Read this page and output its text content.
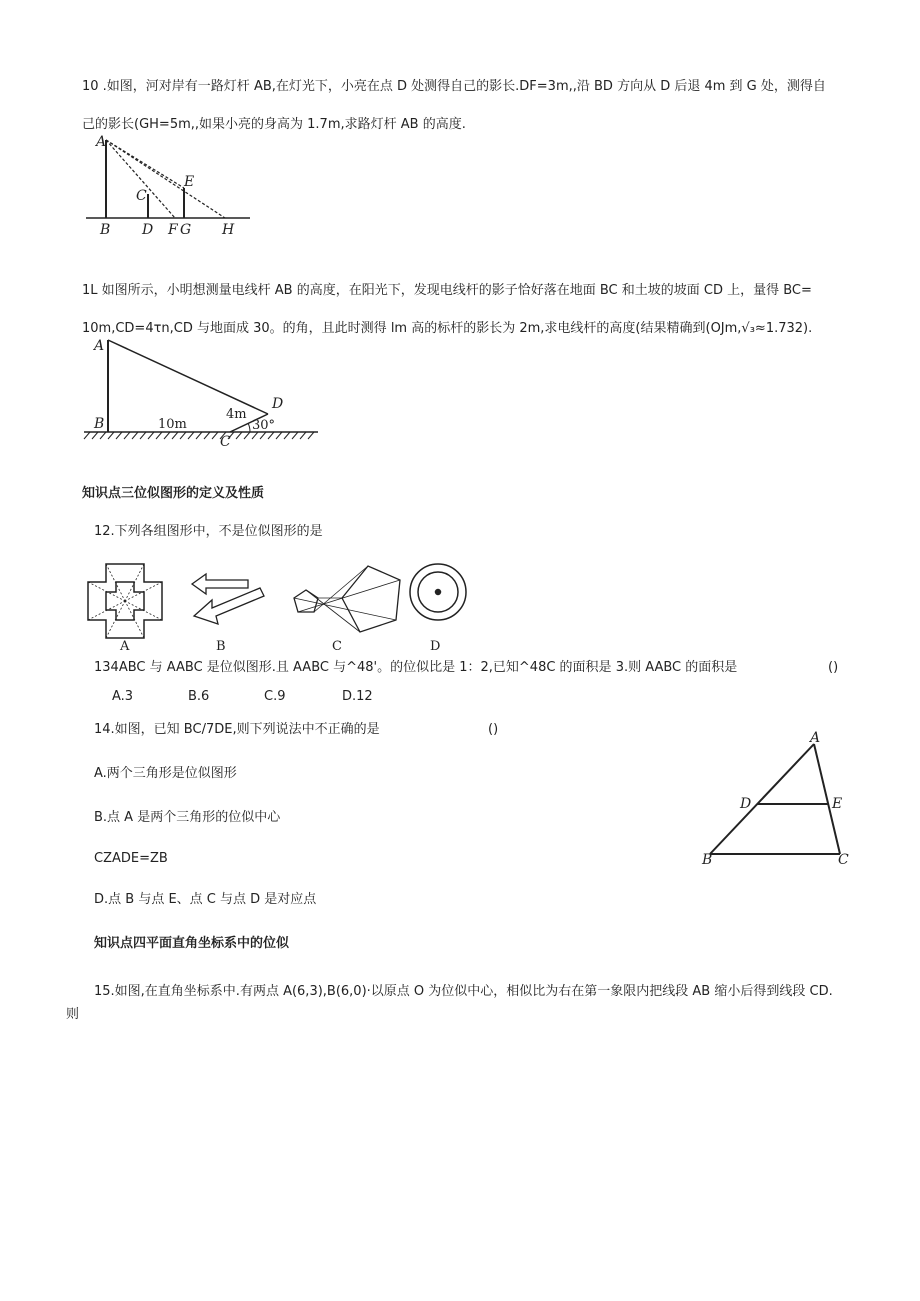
10 .如图，河对岸有一路灯杆 AB,在灯光下，小亮在点 D 处测得自己的影长.DF=3m,,沿 BD 方向从 D 后退 4m 到 G 处，测得自
己的影长(GH=5m,,如果小亮的身高为 1.7m,求路灯杆 AB 的高度.
A
B
C
D
E
F G H
1L 如图所示，小明想测量电线杆 AB 的高度，在阳光下，发现电线杆的影子恰好落在地面 BC 和土坡的坡面 CD 上，量得 BC=
10m,CD=4τn,CD 与地面成 30。的角，且此时测得 lm 高的标杆的影长为 2m,求电线杆的高度(结果精确到(OJm,√₃≈1.732).
A
B
C
D
10m
4m
30°
知识点三位似图形的定义及性质
12.下列各组图形中，不是位似图形的是
A	B	C	D
134ABC 与 AABC 是位似图形.且 AABC 与^48'。的位似比是 1：2,已知^48C 的面积是 3.则 AABC 的面积是	()
A.3	B.6	C.9	D.12
14.如图，已知 BC/7DE,则下列说法中不正确的是	()
A.两个三角形是位似图形
B.点 A 是两个三角形的位似中心
CZADE=ZB
D.点 B 与点 E、点 C 与点 D 是对应点
A
B	C
D	E
知识点四平面直角坐标系中的位似
15.如图,在直角坐标系中.有两点 A(6,3),B(6,0)·以原点 O 为位似中心，相似比为右在第一象限内把线段 AB 缩小后得到线段 CD.
则
